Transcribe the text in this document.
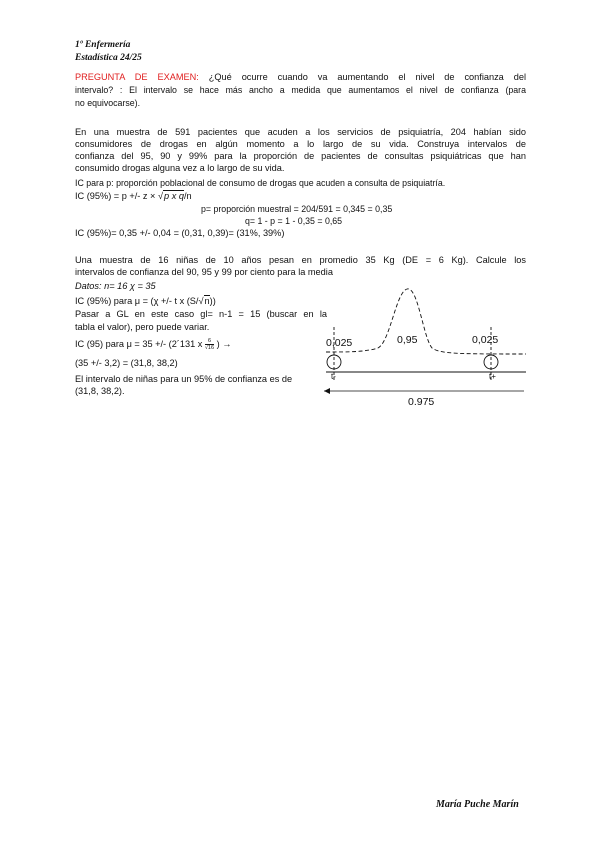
1º Enfermería
Estadística 24/25
PREGUNTA DE EXAMEN: ¿Qué ocurre cuando va aumentando el nivel de confianza del
intervalo? : El intervalo se hace más ancho a medida que aumentamos el nivel de confianza (para
no equivocarse).
En una muestra de 591 pacientes que acuden a los servicios de psiquiatría, 204 habían sido
consumidores de drogas en algún momento a lo largo de su vida. Construya intervalos de
confianza del 95, 90 y 99% para la proporción de pacientes de consultas psiquiátricas que han
consumido drogas alguna vez a lo largo de su vida.
IC para p: proporción poblacional de consumo de drogas que acuden a consulta de psiquiatría.
IC (95%) = p +/- z × √p x q/n
p= proporción muestral = 204/591 = 0,345 = 0,35
q= 1 - p = 1 - 0,35 = 0,65
IC (95%)= 0,35 +/- 0,04 = (0,31, 0,39)= (31%, 39%)
Una muestra de 16 niñas de 10 años pesan en promedio 35 Kg (DE = 6 Kg). Calcule los
intervalos de confianza del 90, 95 y 99 por ciento para la media
Datos: n= 16 χ = 35
IC (95%) para μ = (χ +/- t x (S/√n))
Pasar a GL en este caso gl= n-1 = 15 (buscar en la
tabla el valor), pero puede variar.
IC (95) para μ = 35 +/- (2´131 x $\frac{6}{√16}$ ) →
(35 +/- 3,2) = (31,8, 38,2)
El intervalo de niñas para un 95% de confianza es de
(31,8, 38,2).
0,025	0,95	0,025
t-	t+
0.975
María Puche Marín
